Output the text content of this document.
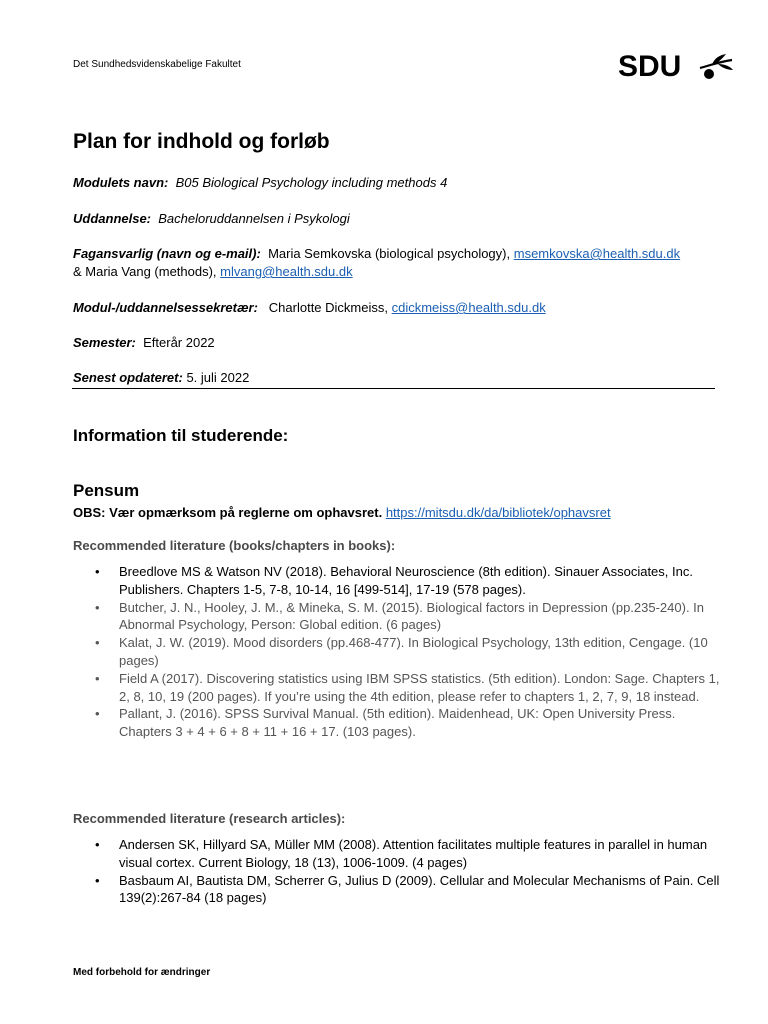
Det Sundhedsvidenskabelige Fakultet	SDU
Plan for indhold og forløb
Modulets navn: B05 Biological Psychology including methods 4
Uddannelse: Bacheloruddannelsen i Psykologi
Fagansvarlig (navn og e-mail): Maria Semkovska (biological psychology), msemkovska@health.sdu.dk
& Maria Vang (methods), mlvang@health.sdu.dk
Modul-/uddannelsessekretær: Charlotte Dickmeiss, cdickmeiss@health.sdu.dk
Semester: Efterår 2022
Senest opdateret: 5. juli 2022
Information til studerende:
Pensum
OBS: Vær opmærksom på reglerne om ophavsret. https://mitsdu.dk/da/bibliotek/ophavsret
Recommended literature (books/chapters in books):
• Breedlove MS & Watson NV (2018). Behavioral Neuroscience (8th edition). Sinauer Associates, Inc. Publishers. Chapters 1-5, 7-8, 10-14, 16 [499-514], 17-19 (578 pages).
• Butcher, J. N., Hooley, J. M., & Mineka, S. M. (2015). Biological factors in Depression (pp.235-240). In Abnormal Psychology, Person: Global edition. (6 pages)
• Kalat, J. W. (2019). Mood disorders (pp.468-477). In Biological Psychology, 13th edition, Cengage. (10 pages)
• Field A (2017). Discovering statistics using IBM SPSS statistics. (5th edition). London: Sage. Chapters 1, 2, 8, 10, 19 (200 pages). If you’re using the 4th edition, please refer to chapters 1, 2, 7, 9, 18 instead.
• Pallant, J. (2016). SPSS Survival Manual. (5th edition). Maidenhead, UK: Open University Press. Chapters 3 + 4 + 6 + 8 + 11 + 16 + 17. (103 pages).
Recommended literature (research articles):
• Andersen SK, Hillyard SA, Müller MM (2008). Attention facilitates multiple features in parallel in human visual cortex. Current Biology, 18 (13), 1006-1009. (4 pages)
• Basbaum AI, Bautista DM, Scherrer G, Julius D (2009). Cellular and Molecular Mechanisms of Pain. Cell 139(2):267-84 (18 pages)
Med forbehold for ændringer
